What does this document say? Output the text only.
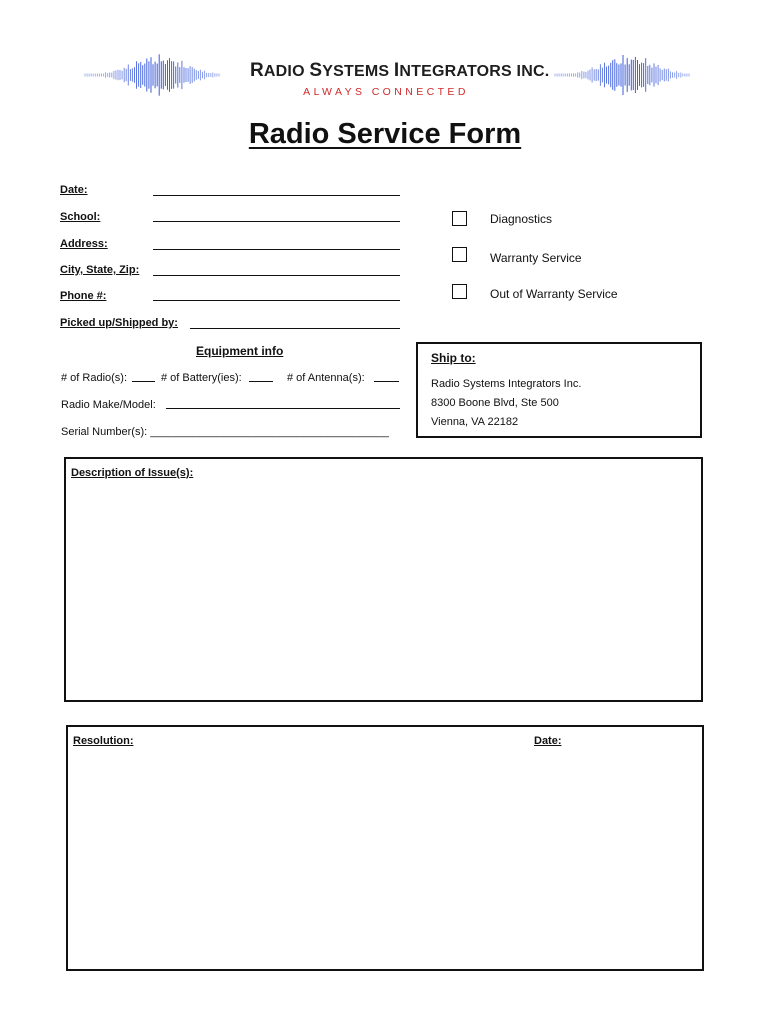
RADIO SYSTEMS INTEGRATORS INC.
ALWAYS CONNECTED
Radio Service Form
Date:
School:
Address:
City, State, Zip:
Phone #:
Picked up/Shipped by:
Diagnostics
Warranty Service
Out of Warranty Service
Equipment info
# of Radio(s):	# of Battery(ies):	# of Antenna(s):
Radio Make/Model:
Serial Number(s): _______________________________________
Ship to:
Radio Systems Integrators Inc.
8300 Boone Blvd, Ste 500
Vienna, VA 22182
Description of Issue(s):
Resolution:	Date:
